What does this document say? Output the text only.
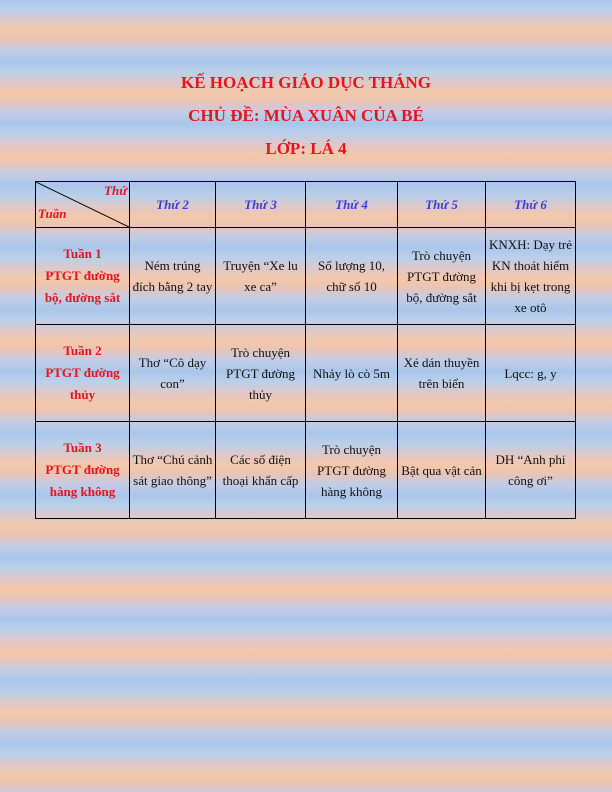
KẾ HOẠCH GIÁO DỤC THÁNG
CHỦ ĐỀ: MÙA XUÂN CỦA BÉ
LỚP: LÁ 4
Thứ
Tuần	Thứ 2	Thứ 3	Thứ 4	Thứ 5	Thứ 6

Tuần 1
PTGT đường bộ, đường sắt	Ném trúng đích bằng 2 tay	Truyện “Xe lu xe ca”	Số lượng 10, chữ số 10	Trò chuyện PTGT đường bộ, đường sắt	KNXH: Dạy trẻ KN thoát hiểm khi bị kẹt trong xe otô

Tuần 2
PTGT đường thủy	Thơ “Cô dạy con”	Trò chuyện PTGT đường thủy	Nhảy lò cò 5m	Xé dán thuyền trên biển	Lqcc: g, y

Tuần 3
PTGT đường hàng không	Thơ “Chú cảnh sát giao thông”	Các số điện thoại khẩn cấp	Trò chuyện PTGT đường hàng không	Bật qua vật cản	DH “Anh phi công ơi”
